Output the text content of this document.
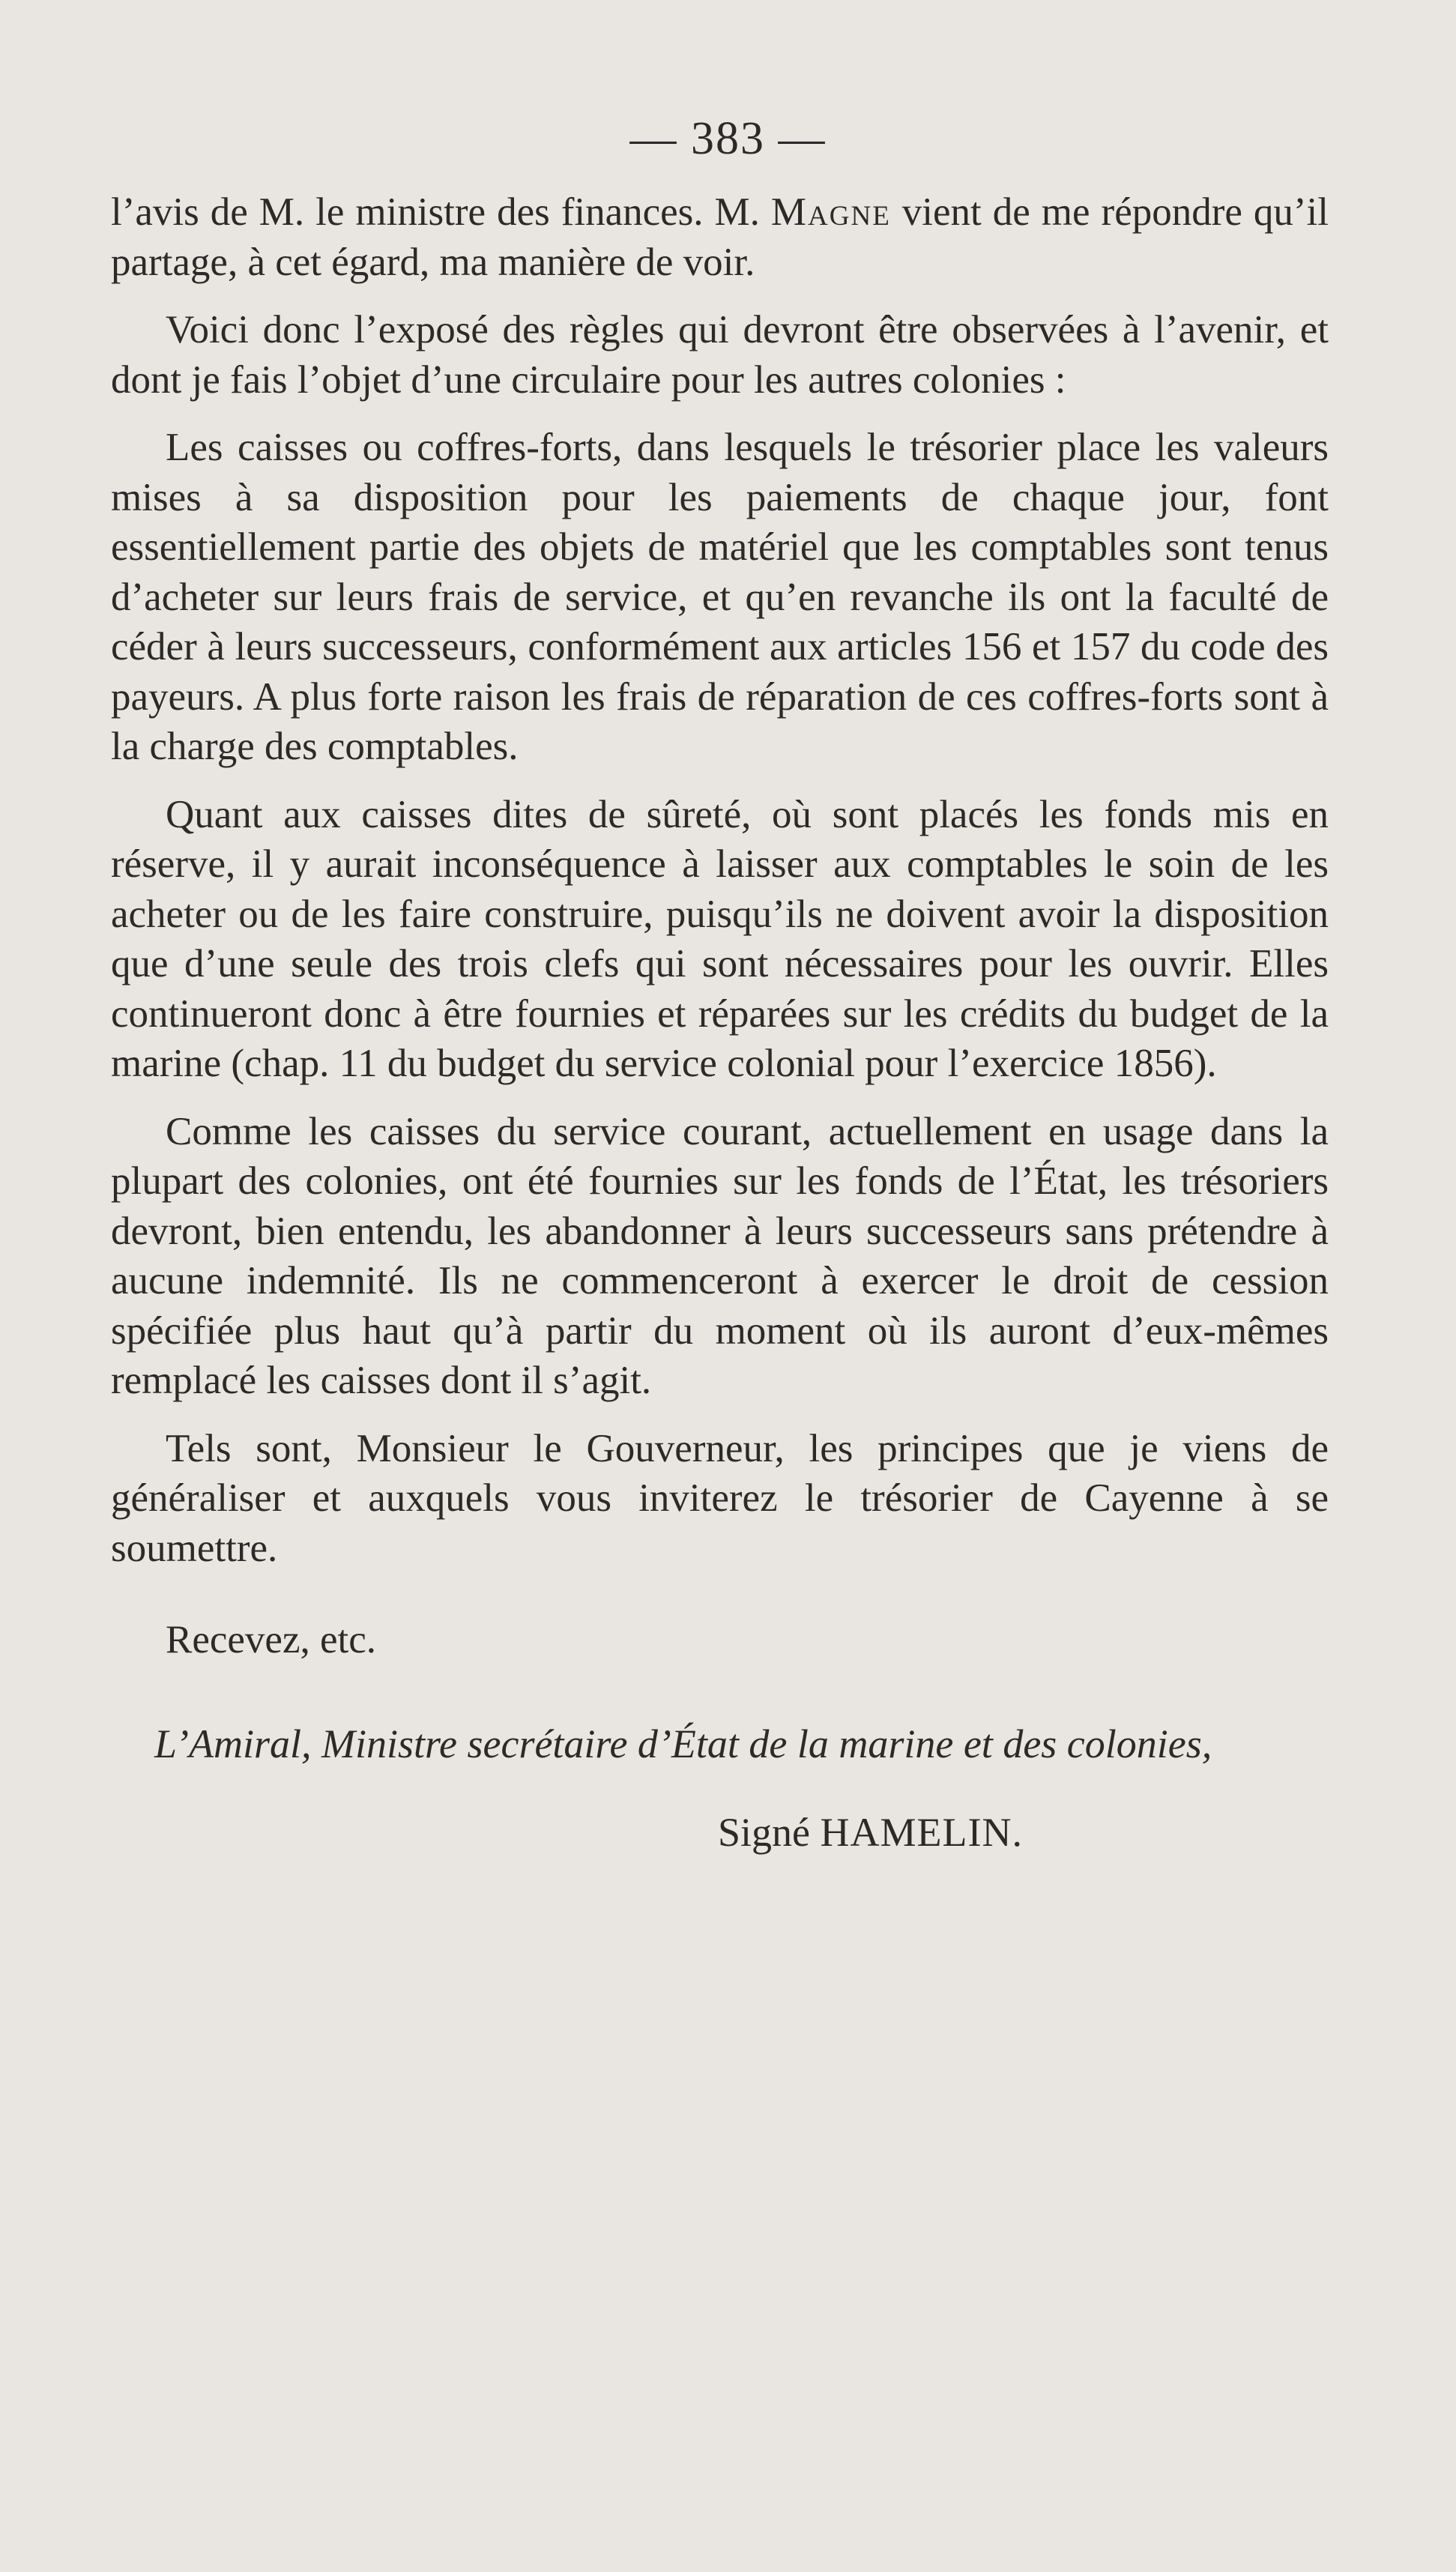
— 383 —

l’avis de M. le ministre des finances. M. Magne vient de me répondre qu’il partage, à cet égard, ma manière de voir.

Voici donc l’exposé des règles qui devront être observées à l’avenir, et dont je fais l’objet d’une circulaire pour les autres colonies :

Les caisses ou coffres-forts, dans lesquels le trésorier place les valeurs mises à sa disposition pour les paiements de chaque jour, font essentiellement partie des objets de matériel que les comptables sont tenus d’acheter sur leurs frais de service, et qu’en revanche ils ont la faculté de céder à leurs successeurs, conformément aux articles 156 et 157 du code des payeurs. A plus forte raison les frais de réparation de ces coffres-forts sont à la charge des comptables.

Quant aux caisses dites de sûreté, où sont placés les fonds mis en réserve, il y aurait inconséquence à laisser aux comptables le soin de les acheter ou de les faire construire, puisqu’ils ne doivent avoir la disposition que d’une seule des trois clefs qui sont nécessaires pour les ouvrir. Elles continueront donc à être fournies et réparées sur les crédits du budget de la marine (chap. 11 du budget du service colonial pour l’exercice 1856).

Comme les caisses du service courant, actuellement en usage dans la plupart des colonies, ont été fournies sur les fonds de l’État, les trésoriers devront, bien entendu, les abandonner à leurs successeurs sans prétendre à aucune indemnité. Ils ne commenceront à exercer le droit de cession spécifiée plus haut qu’à partir du moment où ils auront d’eux-mêmes remplacé les caisses dont il s’agit.

Tels sont, Monsieur le Gouverneur, les principes que je viens de généraliser et auxquels vous inviterez le trésorier de Cayenne à se soumettre.

Recevez, etc.

L’Amiral, Ministre secrétaire d’État de la marine et des colonies,

Signé HAMELIN.
